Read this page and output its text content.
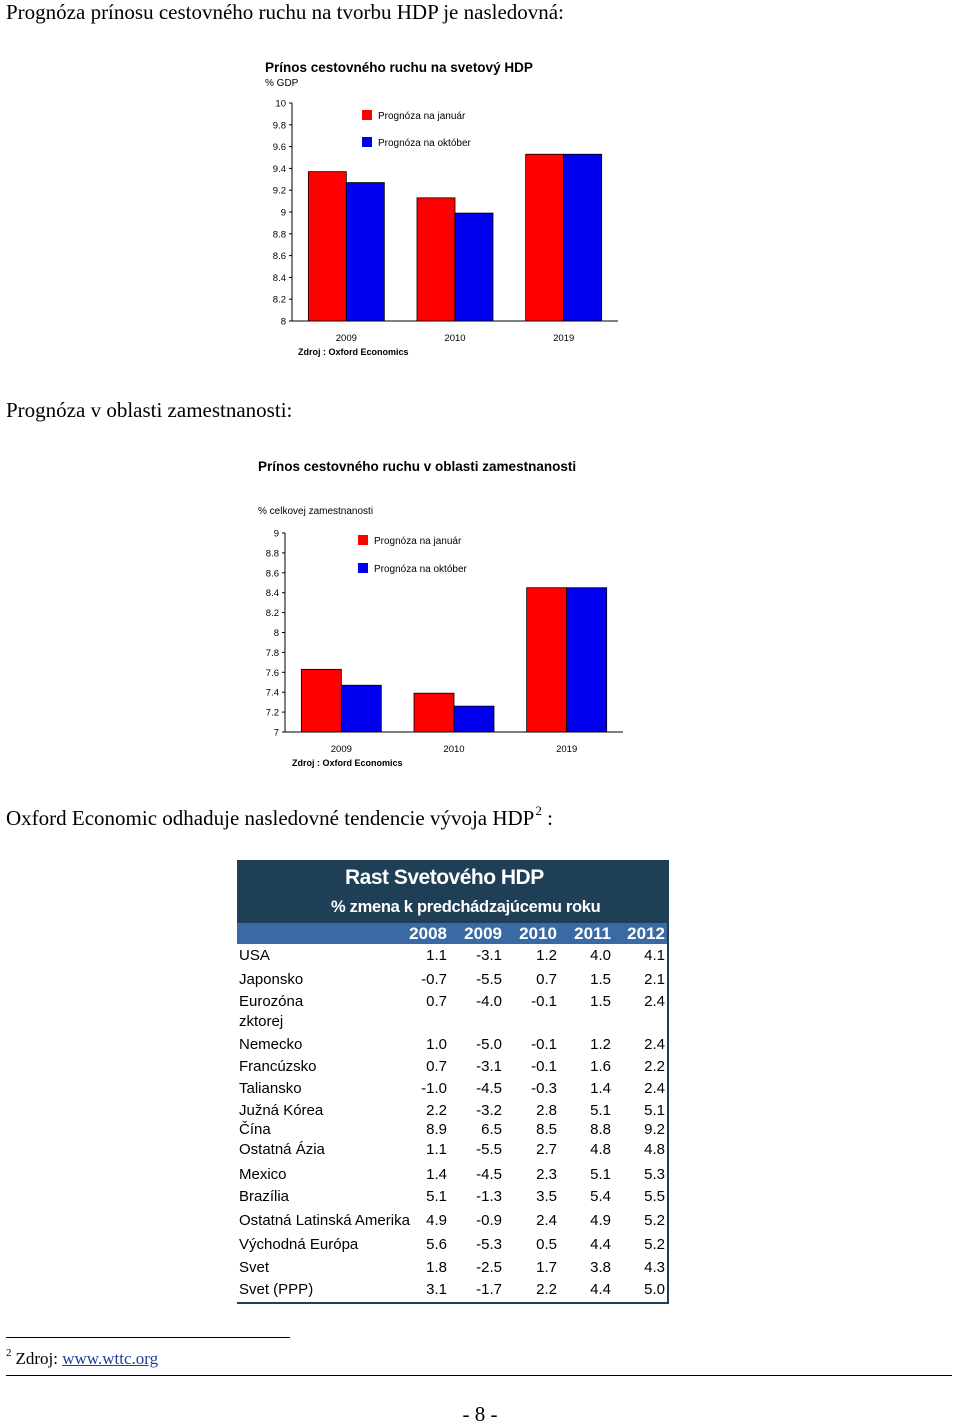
Prognóza prínosu cestovného ruchu na tvorbu HDP je nasledovná:

Prínos cestovného ruchu na svetový HDP
% GDP
8
8.2
8.4
8.6
8.8
9
9.2
9.4
9.6
9.8
10
2009	2010	2019
Prognóza na január
Prognóza na október
Zdroj : Oxford Economics

Prognóza v oblasti zamestnanosti:

Prínos cestovného ruchu v oblasti zamestnanosti
% celkovej zamestnanosti
7
7.2
7.4
7.6
7.8
8
8.2
8.4
8.6
8.8
9
2009	2010	2019
Prognóza na január
Prognóza na október
Zdroj : Oxford Economics

Oxford Economic odhaduje nasledovné tendencie vývoja HDP$^2$ :

Rast Svetového HDP
% zmena k predchádzajúcemu roku
2008	2009	2010	2011 2012
USA	1.1	-3.1	1.2	4.0	4.1
Japonsko	-0.7	-5.5	0.7	1.5	2.1
Eurozóna	0.7	-4.0	-0.1	1.5	2.4
zktorej
Nemecko	1.0	-5.0	-0.1	1.2	2.4
Francúzsko	0.7	-3.1	-0.1	1.6	2.2
Taliansko	-1.0	-4.5	-0.3	1.4	2.4
Južná Kórea	2.2	-3.2	2.8	5.1	5.1
Čína	8.9	6.5	8.5	8.8	9.2
Ostatná Ázia	1.1	-5.5	2.7	4.8	4.8
Mexico	1.4	-4.5	2.3	5.1	5.3
Brazília	5.1	-1.3	3.5	5.4	5.5
Ostatná Latinská Amerika	4.9	-0.9	2.4	4.9	5.2
Východná Európa	5.6	-5.3	0.5	4.4	5.2
Svet	1.8	-2.5	1.7	3.8	4.3
Svet (PPP)	3.1	-1.7	2.2	4.4	5.0
$^2$ Zdroj: www.wttc.org
- 8 -
